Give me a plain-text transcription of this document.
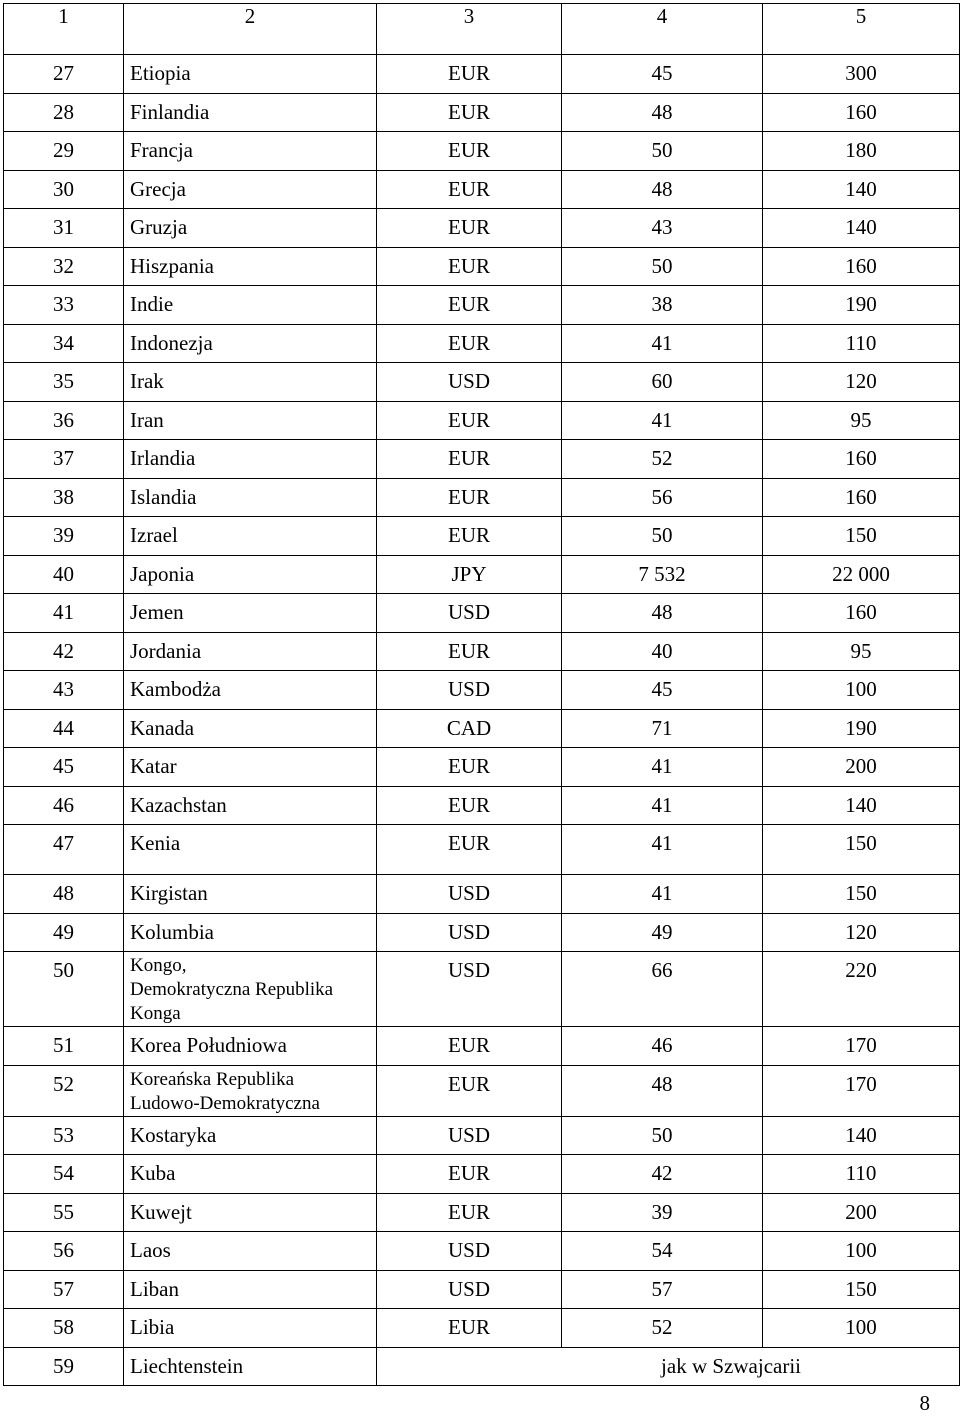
1	2	3	4	5
27	Etiopia	EUR	45	300
28	Finlandia	EUR	48	160
29	Francja	EUR	50	180
30	Grecja	EUR	48	140
31	Gruzja	EUR	43	140
32	Hiszpania	EUR	50	160
33	Indie	EUR	38	190
34	Indonezja	EUR	41	110
35	Irak	USD	60	120
36	Iran	EUR	41	95
37	Irlandia	EUR	52	160
38	Islandia	EUR	56	160
39	Izrael	EUR	50	150
40	Japonia	JPY	7 532	22 000
41	Jemen	USD	48	160
42	Jordania	EUR	40	95
43	Kambodża	USD	45	100
44	Kanada	CAD	71	190
45	Katar	EUR	41	200
46	Kazachstan	EUR	41	140
47	Kenia	EUR	41	150
48	Kirgistan	USD	41	150
49	Kolumbia	USD	49	120
50	Kongo,
Demokratyczna Republika
Konga	USD	66	220
51	Korea Południowa	EUR	46	170
52	Koreańska Republika
Ludowo-Demokratyczna	EUR	48	170
53	Kostaryka	USD	50	140
54	Kuba	EUR	42	110
55	Kuwejt	EUR	39	200
56	Laos	USD	54	100
57	Liban	USD	57	150
58	Libia	EUR	52	100
59	Liechtenstein	jak w Szwajcarii		
8
